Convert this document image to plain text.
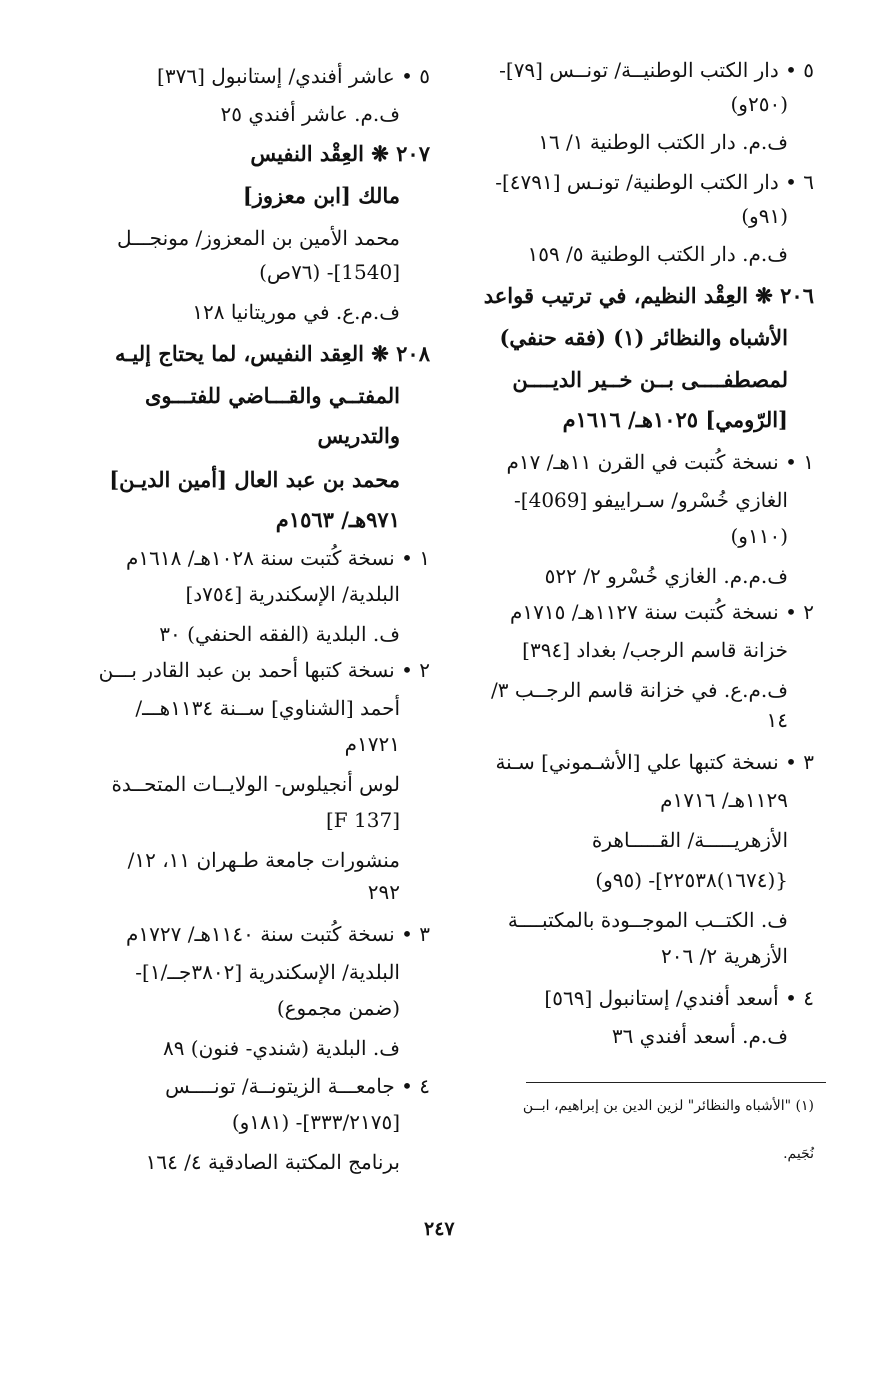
٥ • دار الكتب الوطنيــة/ تونــس [٧٩]-
(٢٥٠و)
ف.م. دار الكتب الوطنية ١/ ١٦
٦ • دار الكتب الوطنية/ تونـس [٤٧٩١]-
(٩١و)
ف.م. دار الكتب الوطنية ٥/ ١٥٩
٢٠٦ ❋ العِقْد النظيم، في ترتيب قواعد
الأشباه والنظائر (١) (فقه حنفي)
لمصطفــــى بــن خــير الديــــن
[الرّومي] ١٠٢٥هـ/ ١٦١٦م
١ • نسخة كُتبت في القرن ١١هـ/ ١٧م
الغازي خُسْرو/ سـراييفو [4069]-
(١١٠و)
ف.م.م. الغازي خُسْرو ٢/ ٥٢٢
٢ • نسخة كُتبت سنة ١١٢٧هـ/ ١٧١٥م
خزانة قاسم الرجب/ بغداد [٣٩٤]
ف.م.ع. في خزانة قاسم الرجــب ٣/
١٤
٣ • نسخة كتبها علي [الأشـموني] سـنة
١١٢٩هـ/ ١٧١٦م
الأزهريـــــة/ القـــــاهرة
{(١٦٧٤)٢٢٥٣٨]- (٩٥و)
ف. الكتــب الموجــودة بالمكتبــــة
الأزهرية ٢/ ٢٠٦
٤ • أسعد أفندي/ إستانبول [٥٦٩]
ف.م. أسعد أفندي ٣٦
(١) "الأشباه والنظائر" لزين الدين بن إبراهيم، ابــن
نُجَيم.
٥ • عاشر أفندي/ إستانبول [٣٧٦]
ف.م. عاشر أفندي ٢٥
٢٠٧ ❋ العِقْد النفيس
مالك [ابن معزوز]
محمد الأمين بن المعزوز/ مونجـــل
[1540]- (٧٦ص)
ف.م.ع. في موريتانيا ١٢٨
٢٠٨ ❋ العِقد النفيس، لما يحتاج إليـه
المفتــي والقـــاضي للفتـــوى
والتدريس
محمد بن عبد العال [أمين الديـن]
٩٧١هـ/ ١٥٦٣م
١ • نسخة كُتبت سنة ١٠٢٨هـ/ ١٦١٨م
البلدية/ الإسكندرية [٧٥٤د]
ف. البلدية (الفقه الحنفي) ٣٠
٢ • نسخة كتبها أحمد بن عبد القادر بـــن
أحمد [الشناوي] ســنة ١١٣٤هـــ/
١٧٢١م
لوس أنجيلوس- الولايــات المتحــدة
[F 137]
منشورات جامعة طـهران ١١، ١٢/
٢٩٢
٣ • نسخة كُتبت سنة ١١٤٠هـ/ ١٧٢٧م
البلدية/ الإسكندرية [٣٨٠٢جــ/١]-
(ضمن مجموع)
ف. البلدية (شندي- فنون) ٨٩
٤ • جامعـــة الزيتونــة/ تونــــس
[٣٣٣/٢١٧٥]- (١٨١و)
برنامج المكتبة الصادقية ٤/ ١٦٤
٢٤٧
